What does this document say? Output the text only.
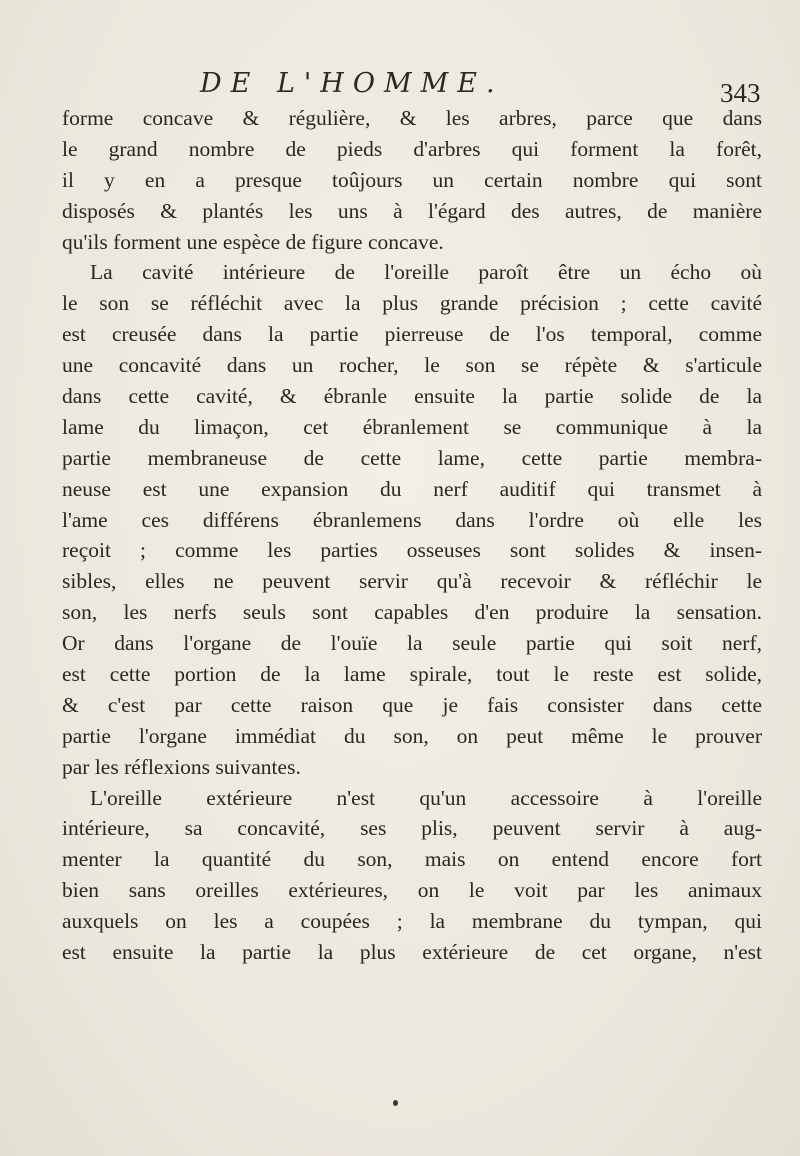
DE L'HOMME.	343
forme concave & régulière, & les arbres, parce que dans
le grand nombre de pieds d'arbres qui forment la forêt,
il y en a presque toûjours un certain nombre qui sont
disposés & plantés les uns à l'égard des autres, de manière
qu'ils forment une espèce de figure concave.
La cavité intérieure de l'oreille paroît être un écho où
le son se réfléchit avec la plus grande précision ; cette cavité
est creusée dans la partie pierreuse de l'os temporal, comme
une concavité dans un rocher, le son se répète & s'articule
dans cette cavité, & ébranle ensuite la partie solide de la
lame du limaçon, cet ébranlement se communique à la
partie membraneuse de cette lame, cette partie membra-
neuse est une expansion du nerf auditif qui transmet à
l'ame ces différens ébranlemens dans l'ordre où elle les
reçoit ; comme les parties osseuses sont solides & insen-
sibles, elles ne peuvent servir qu'à recevoir & réfléchir le
son, les nerfs seuls sont capables d'en produire la sensation.
Or dans l'organe de l'ouïe la seule partie qui soit nerf,
est cette portion de la lame spirale, tout le reste est solide,
& c'est par cette raison que je fais consister dans cette
partie l'organe immédiat du son, on peut même le prouver
par les réflexions suivantes.
L'oreille extérieure n'est qu'un accessoire à l'oreille
intérieure, sa concavité, ses plis, peuvent servir à aug-
menter la quantité du son, mais on entend encore fort
bien sans oreilles extérieures, on le voit par les animaux
auxquels on les a coupées ; la membrane du tympan, qui
est ensuite la partie la plus extérieure de cet organe, n'est
